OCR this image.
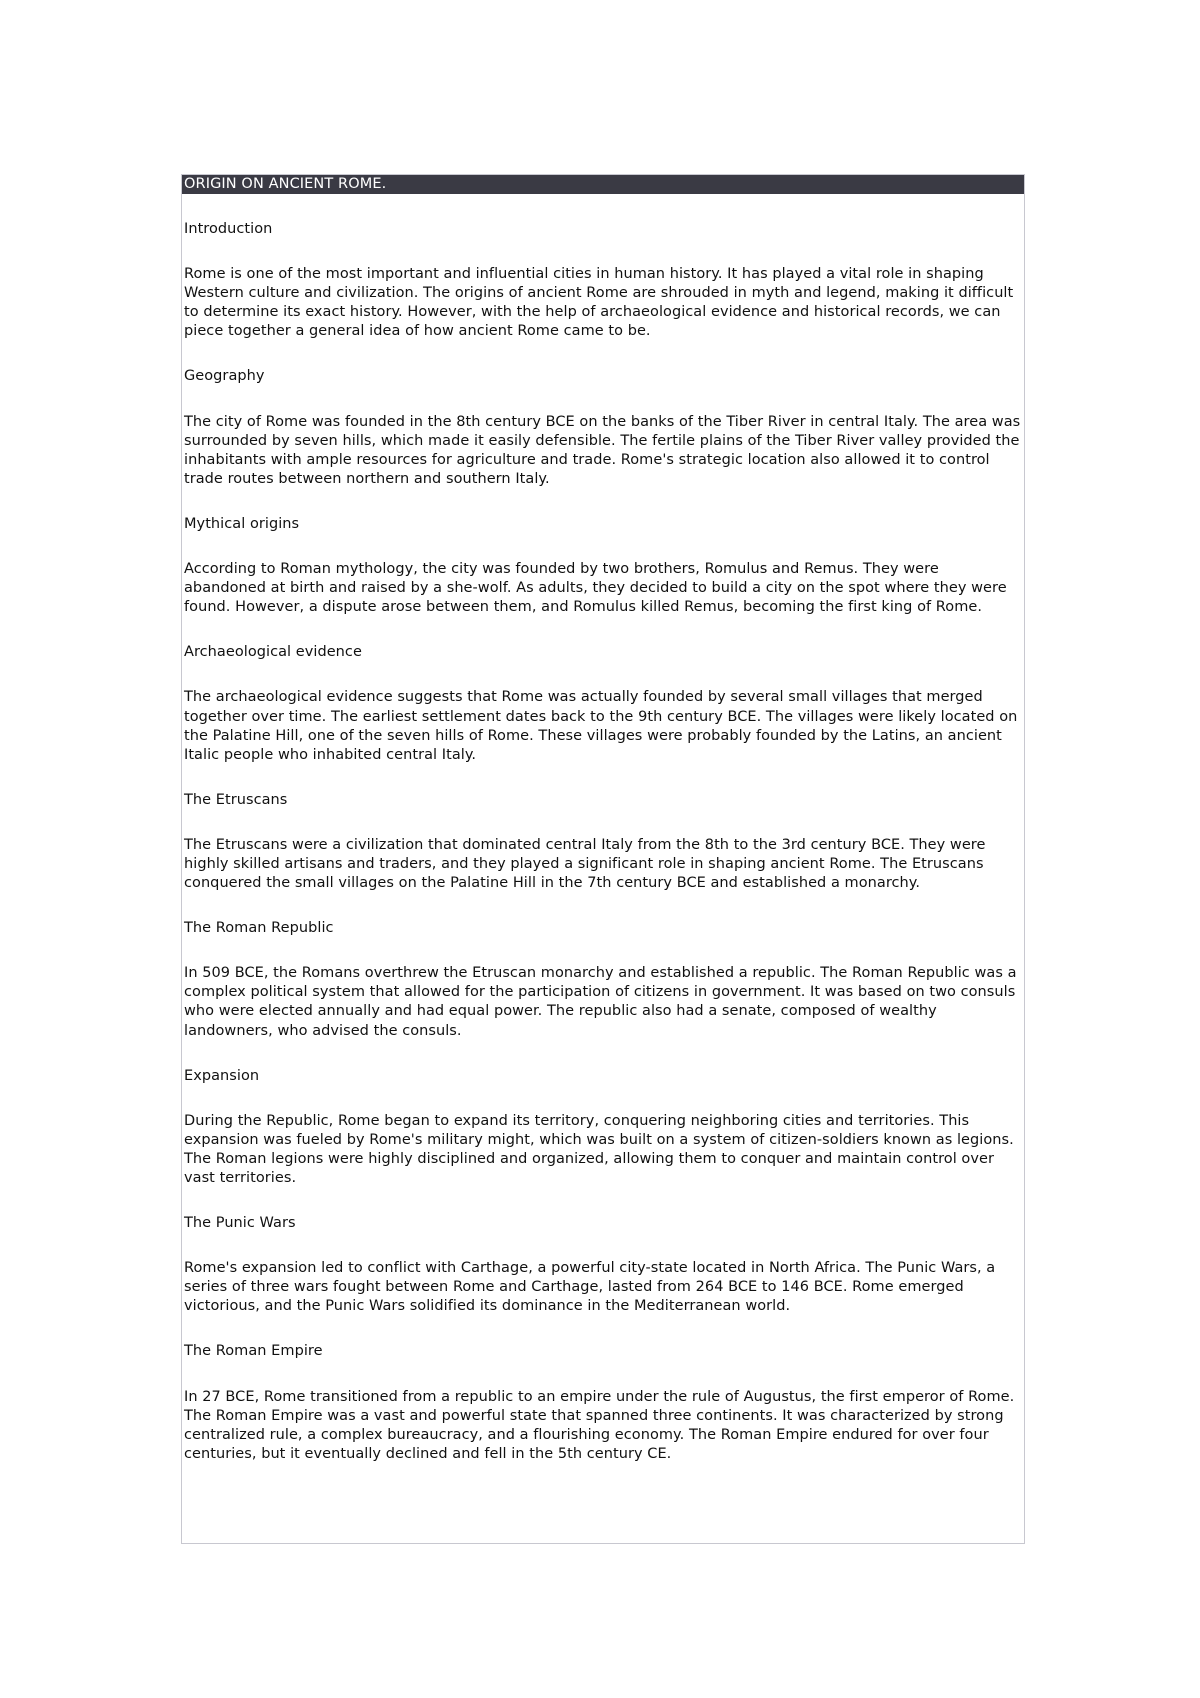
ORIGIN ON ANCIENT ROME.
Introduction
Rome is one of the most important and influential cities in human history. It has played a vital role in shaping Western culture and civilization. The origins of ancient Rome are shrouded in myth and legend, making it difficult to determine its exact history. However, with the help of archaeological evidence and historical records, we can piece together a general idea of how ancient Rome came to be.
Geography
The city of Rome was founded in the 8th century BCE on the banks of the Tiber River in central Italy. The area was surrounded by seven hills, which made it easily defensible. The fertile plains of the Tiber River valley provided the inhabitants with ample resources for agriculture and trade. Rome's strategic location also allowed it to control trade routes between northern and southern Italy.
Mythical origins
According to Roman mythology, the city was founded by two brothers, Romulus and Remus. They were abandoned at birth and raised by a she-wolf. As adults, they decided to build a city on the spot where they were found. However, a dispute arose between them, and Romulus killed Remus, becoming the first king of Rome.
Archaeological evidence
The archaeological evidence suggests that Rome was actually founded by several small villages that merged together over time. The earliest settlement dates back to the 9th century BCE. The villages were likely located on the Palatine Hill, one of the seven hills of Rome. These villages were probably founded by the Latins, an ancient Italic people who inhabited central Italy.
The Etruscans
The Etruscans were a civilization that dominated central Italy from the 8th to the 3rd century BCE. They were highly skilled artisans and traders, and they played a significant role in shaping ancient Rome. The Etruscans conquered the small villages on the Palatine Hill in the 7th century BCE and established a monarchy.
The Roman Republic
In 509 BCE, the Romans overthrew the Etruscan monarchy and established a republic. The Roman Republic was a complex political system that allowed for the participation of citizens in government. It was based on two consuls who were elected annually and had equal power. The republic also had a senate, composed of wealthy landowners, who advised the consuls.
Expansion
During the Republic, Rome began to expand its territory, conquering neighboring cities and territories. This expansion was fueled by Rome's military might, which was built on a system of citizen-soldiers known as legions. The Roman legions were highly disciplined and organized, allowing them to conquer and maintain control over vast territories.
The Punic Wars
Rome's expansion led to conflict with Carthage, a powerful city-state located in North Africa. The Punic Wars, a series of three wars fought between Rome and Carthage, lasted from 264 BCE to 146 BCE. Rome emerged victorious, and the Punic Wars solidified its dominance in the Mediterranean world.
The Roman Empire
In 27 BCE, Rome transitioned from a republic to an empire under the rule of Augustus, the first emperor of Rome. The Roman Empire was a vast and powerful state that spanned three continents. It was characterized by strong centralized rule, a complex bureaucracy, and a flourishing economy. The Roman Empire endured for over four centuries, but it eventually declined and fell in the 5th century CE.
